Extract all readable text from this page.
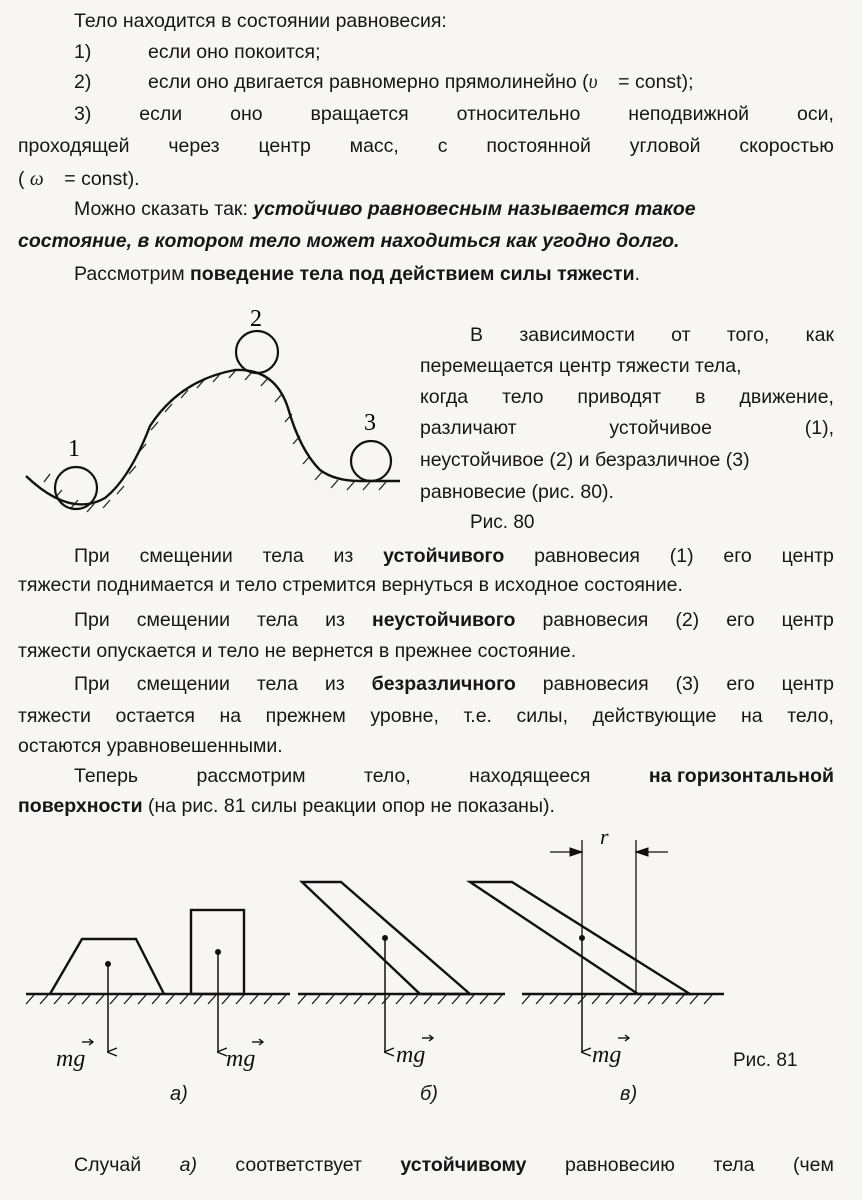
Тело находится в состоянии равновесия:
1)	если оно покоится;
2)	если оно двигается равномерно прямолинейно (υ⃗ = const);
3) если оно вращается относительно неподвижной оси,
проходящей через центр масс, с постоянной угловой скоростью
( ω⃗ = const).
Можно сказать так: устойчиво равновесным называется такое
состояние, в котором тело может находиться как угодно долго.
Рассмотрим поведение тела под действием силы тяжести.
1
2
3
В зависимости от того, как
перемещается центр тяжести тела,
когда тело приводят в движение,
различают	устойчивое	(1),
неустойчивое (2) и безразличное (3)
равновесие (рис. 80).
Рис. 80
При смещении тела из устойчивого равновесия (1) его центр
тяжести поднимается и тело стремится вернуться в исходное состояние.
При смещении тела из неустойчивого равновесия (2) его центр
тяжести опускается и тело не вернется в прежнее состояние.
При смещении тела из безразличного равновесия (3) его центр
тяжести остается на прежнем уровне, т.е. силы, действующие на тело,
остаются уравновешенными.
Теперь	рассмотрим	тело,	находящееся	на горизонтальной
поверхности (на рис. 81 силы реакции опор не показаны).
r
mg	mg	mg	mg	Рис. 81
а)	б)	в)
Случай а) соответствует устойчивому равновесию тела (чем
